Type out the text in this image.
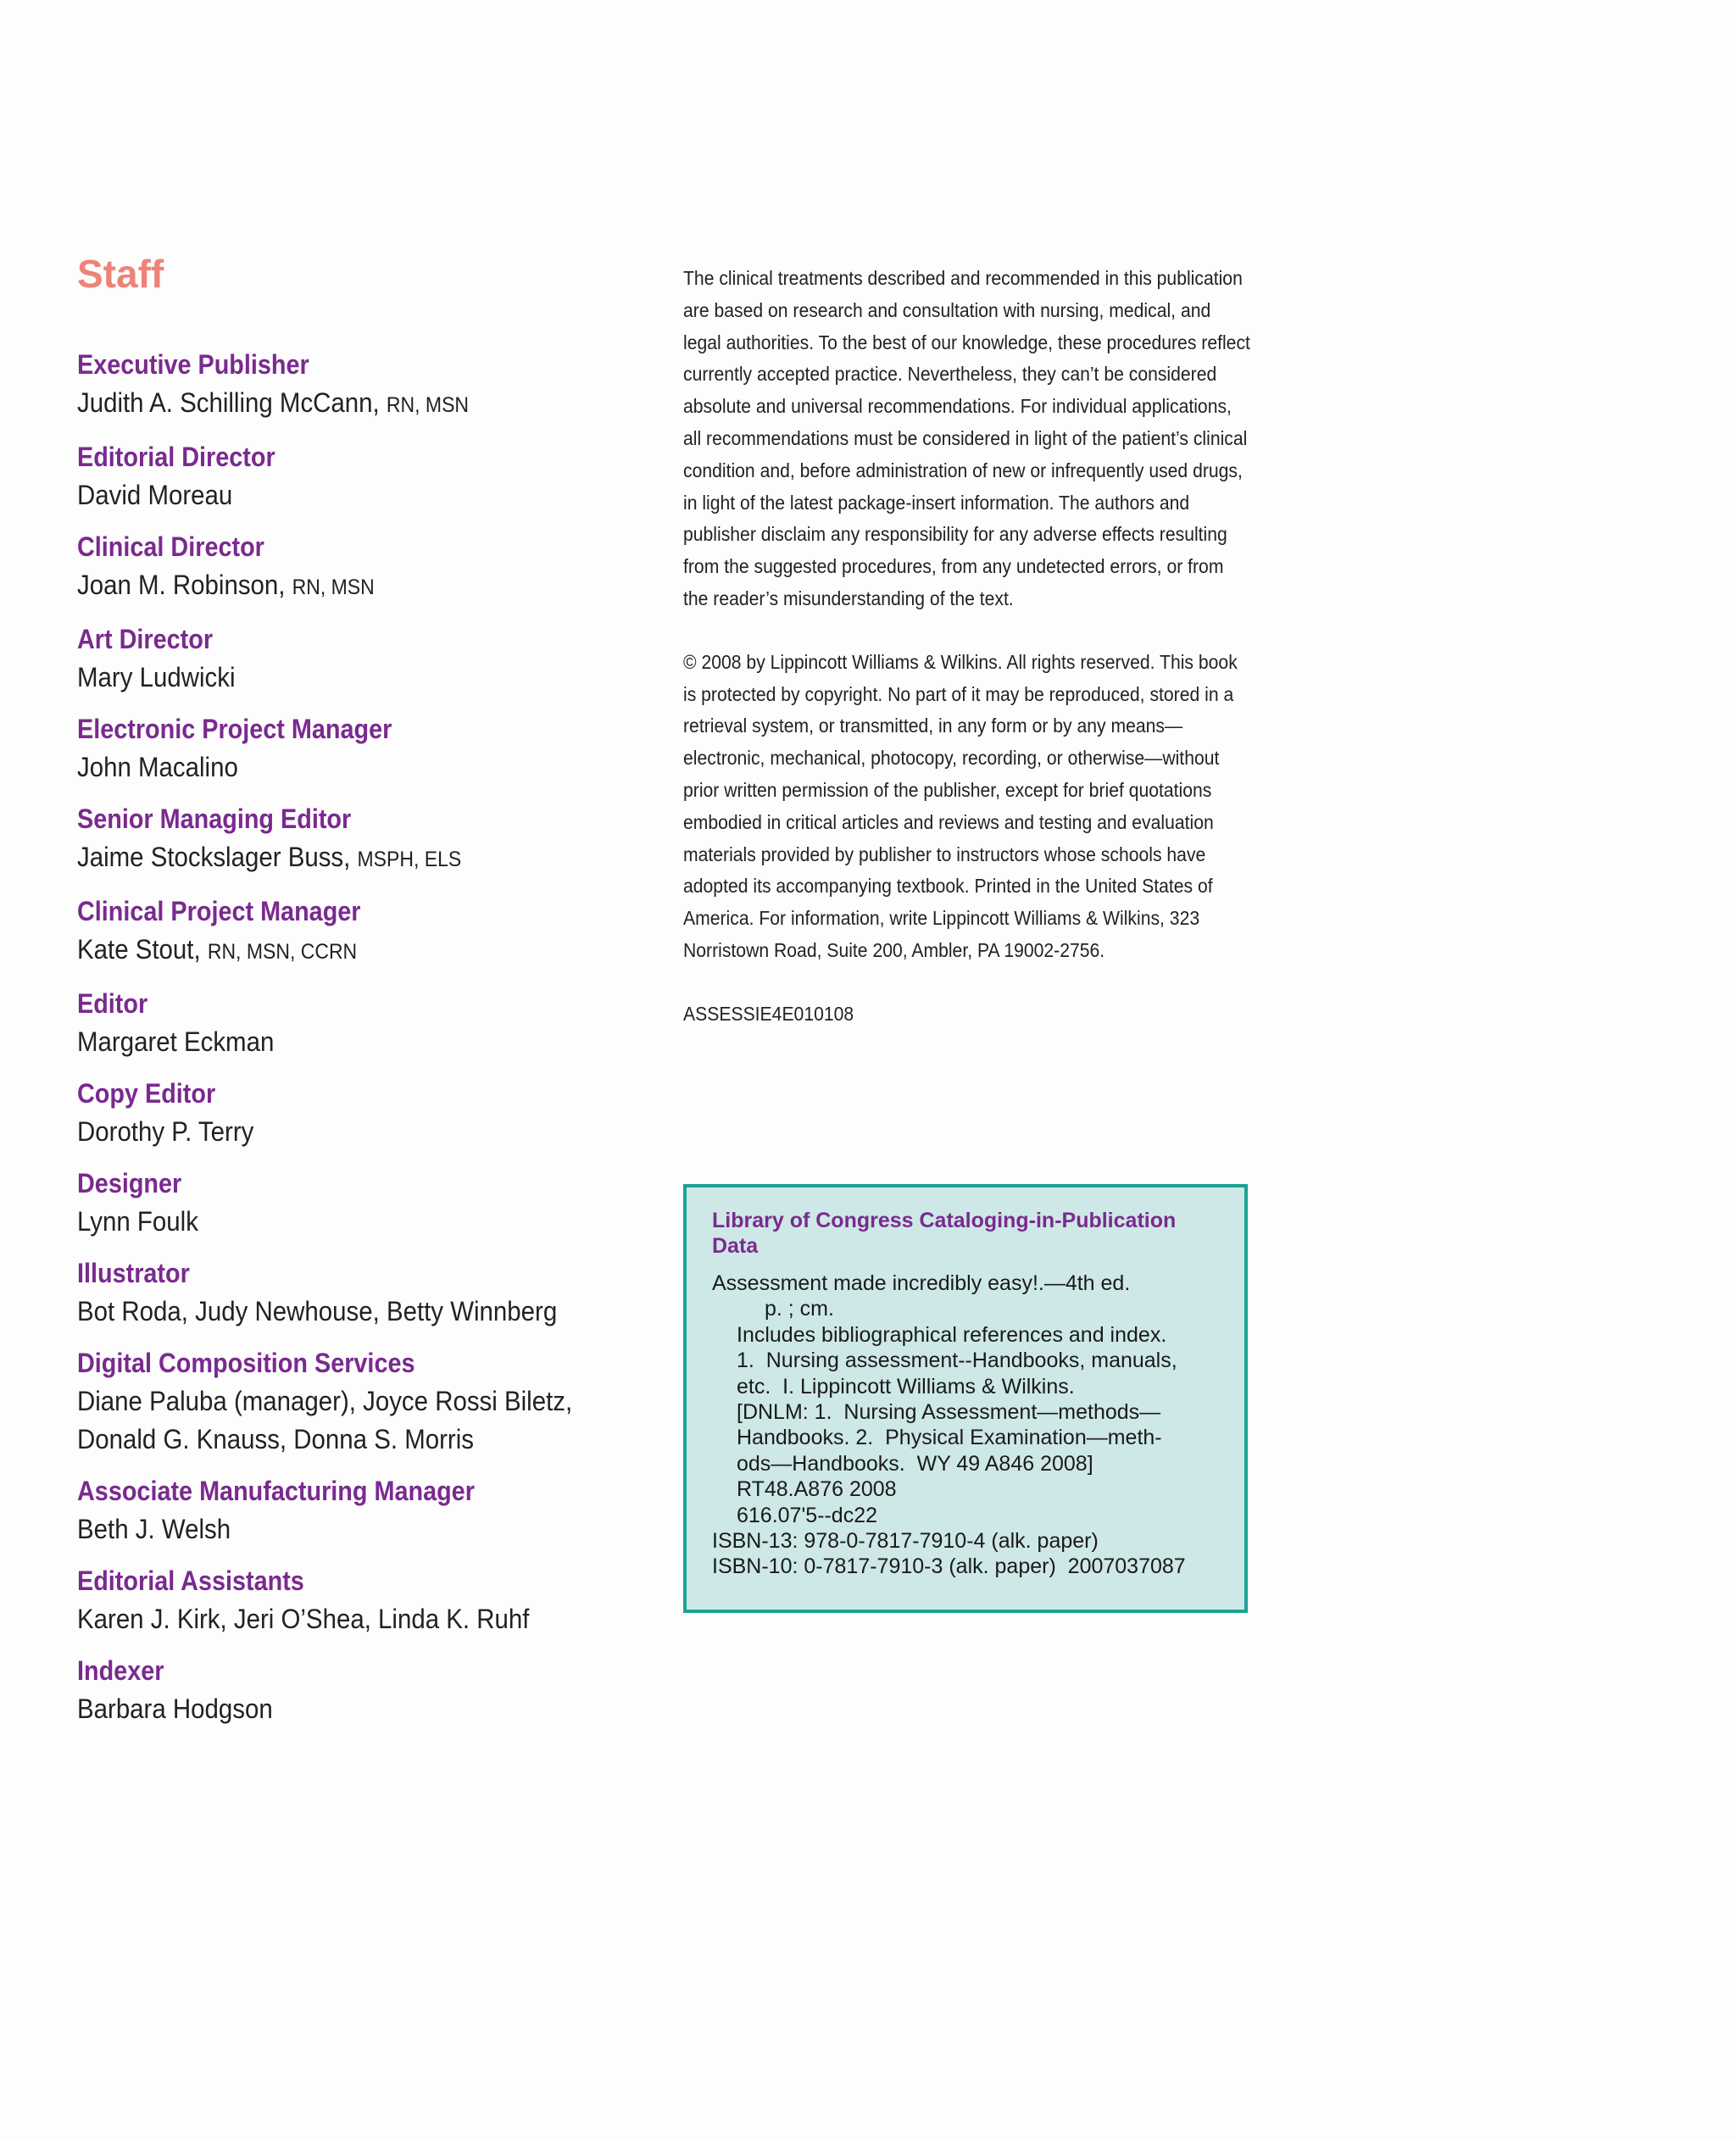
Staff
Executive Publisher
Judith A. Schilling McCann, RN, MSN
Editorial Director
David Moreau
Clinical Director
Joan M. Robinson, RN, MSN
Art Director
Mary Ludwicki
Electronic Project Manager
John Macalino
Senior Managing Editor
Jaime Stockslager Buss, MSPH, ELS
Clinical Project Manager
Kate Stout, RN, MSN, CCRN
Editor
Margaret Eckman
Copy Editor
Dorothy P. Terry
Designer
Lynn Foulk
Illustrator
Bot Roda, Judy Newhouse, Betty Winnberg
Digital Composition Services
Diane Paluba (manager), Joyce Rossi Biletz, Donald G. Knauss, Donna S. Morris
Associate Manufacturing Manager
Beth J. Welsh
Editorial Assistants
Karen J. Kirk, Jeri O’Shea, Linda K. Ruhf
Indexer
Barbara Hodgson

The clinical treatments described and recommended in this publication are based on research and consultation with nursing, medical, and legal authorities. To the best of our knowledge, these procedures reflect currently accepted practice. Nevertheless, they can’t be considered absolute and universal recommendations. For individual applications, all recommendations must be considered in light of the patient’s clinical condition and, before administration of new or infrequently used drugs, in light of the latest package-insert information. The authors and publisher disclaim any responsibility for any adverse effects resulting from the suggested procedures, from any undetected errors, or from the reader’s misunderstanding of the text.

© 2008 by Lippincott Williams & Wilkins. All rights reserved. This book is protected by copyright. No part of it may be reproduced, stored in a retrieval system, or transmitted, in any form or by any means—electronic, mechanical, photocopy, recording, or otherwise—without prior written permission of the publisher, except for brief quotations embodied in critical articles and reviews and testing and evaluation materials provided by publisher to instructors whose schools have adopted its accompanying textbook. Printed in the United States of America. For information, write Lippincott Williams & Wilkins, 323 Norristown Road, Suite 200, Ambler, PA 19002-2756.

ASSESSIE4E010108
Library of Congress Cataloging-in-Publication Data
Assessment made incredibly easy!.—4th ed.
p. ; cm.
Includes bibliographical references and index.
1.  Nursing assessment--Handbooks, manuals,
etc.  I. Lippincott Williams & Wilkins.
[DNLM: 1.  Nursing Assessment—methods—
Handbooks. 2.  Physical Examination—meth-
ods—Handbooks.  WY 49 A846 2008]
RT48.A876 2008
616.07'5--dc22
ISBN-13: 978-0-7817-7910-4 (alk. paper)
ISBN-10: 0-7817-7910-3 (alk. paper)  2007037087
